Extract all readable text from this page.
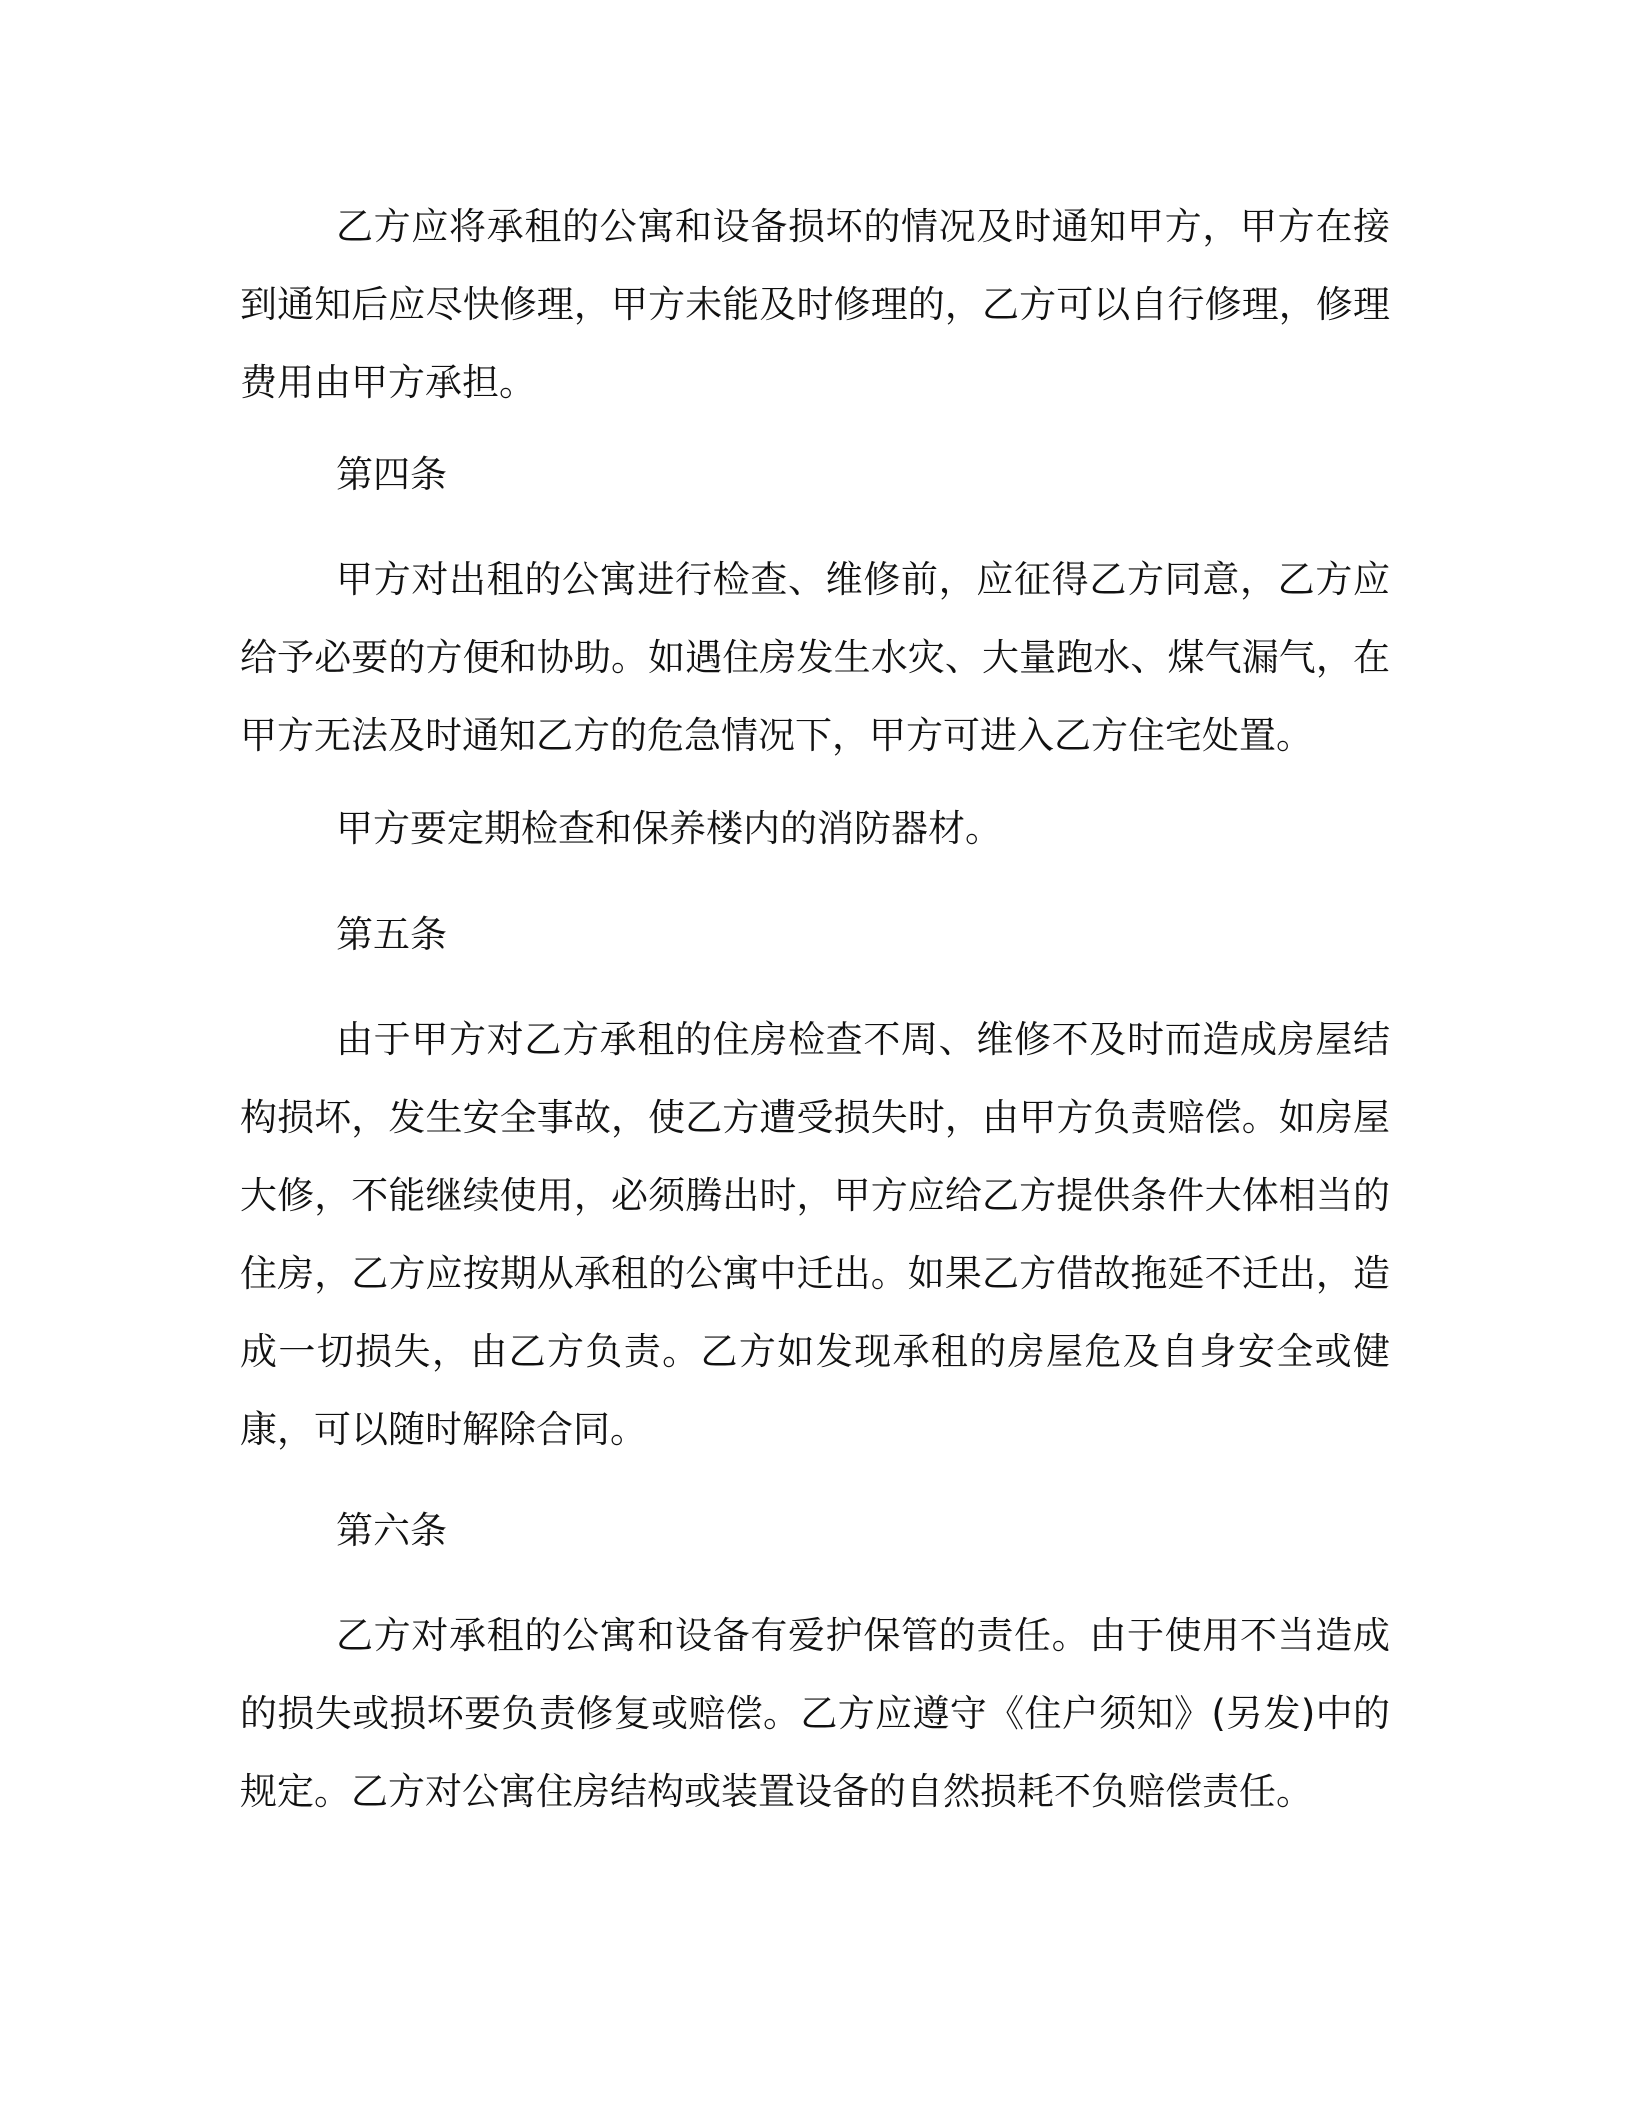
乙方应将承租的公寓和设备损坏的情况及时通知甲方，甲方在接到通知后应尽快修理，甲方未能及时修理的，乙方可以自行修理，修理费用由甲方承担。

第四条

甲方对出租的公寓进行检查、维修前，应征得乙方同意，乙方应给予必要的方便和协助。如遇住房发生水灾、大量跑水、煤气漏气，在甲方无法及时通知乙方的危急情况下，甲方可进入乙方住宅处置。

甲方要定期检查和保养楼内的消防器材。

第五条

由于甲方对乙方承租的住房检查不周、维修不及时而造成房屋结构损坏，发生安全事故，使乙方遭受损失时，由甲方负责赔偿。如房屋大修，不能继续使用，必须腾出时，甲方应给乙方提供条件大体相当的住房，乙方应按期从承租的公寓中迁出。如果乙方借故拖延不迁出，造成一切损失，由乙方负责。乙方如发现承租的房屋危及自身安全或健康，可以随时解除合同。

第六条

乙方对承租的公寓和设备有爱护保管的责任。由于使用不当造成的损失或损坏要负责修复或赔偿。乙方应遵守《住户须知》(另发)中的规定。乙方对公寓住房结构或装置设备的自然损耗不负赔偿责任。
